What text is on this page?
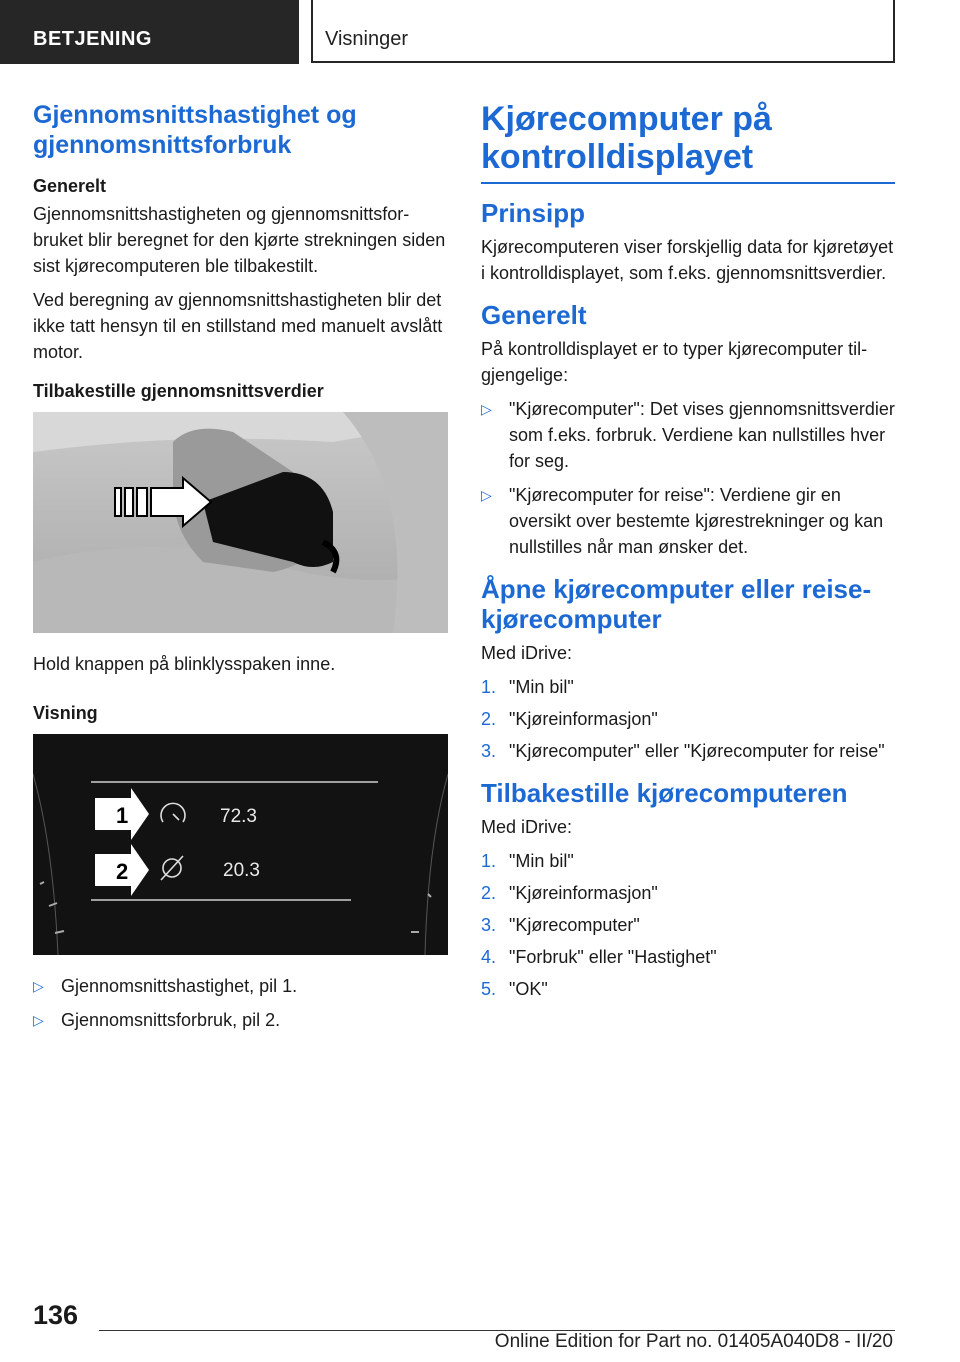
BETJENING	Visninger
Gjennomsnittshastighet og gjennomsnittsforbruk
Generelt

Gjennomsnittshastigheten og gjennomsnittsforbruket blir beregnet for den kjørte strekningen siden sist kjørecomputeren ble tilbakestilt.

Ved beregning av gjennomsnittshastigheten blir det ikke tatt hensyn til en stillstand med manuelt avslått motor.

Tilbakestille gjennomsnittsverdier

Hold knappen på blinklysspaken inne.

Visning
1
2
72.3
20.3
▷ Gjennomsnittshastighet, pil 1.
▷ Gjennomsnittsforbruk, pil 2.
Kjørecomputer på kontrolldisplayet
Prinsipp

Kjørecomputeren viser forskjellig data for kjøretøyet i kontrolldisplayet, som f.eks. gjennomsnittsverdier.

Generelt

På kontrolldisplayet er to typer kjørecomputer tilgjengelige:

▷ "Kjørecomputer": Det vises gjennomsnittsverdier som f.eks. forbruk. Verdiene kan nullstilles hver for seg.
▷ "Kjørecomputer for reise": Verdiene gir en oversikt over bestemte kjørestrekninger og kan nullstilles når man ønsker det.
Åpne kjørecomputer eller reisekjørecomputer

Med iDrive:

1. "Min bil"
2. "Kjøreinformasjon"
3. "Kjørecomputer" eller "Kjørecomputer for reise"
Tilbakestille kjørecomputeren

Med iDrive:

1. "Min bil"
2. "Kjøreinformasjon"
3. "Kjørecomputer"
4. "Forbruk" eller "Hastighet"
5. "OK"
136
Online Edition for Part no. 01405A040D8 - II/20
